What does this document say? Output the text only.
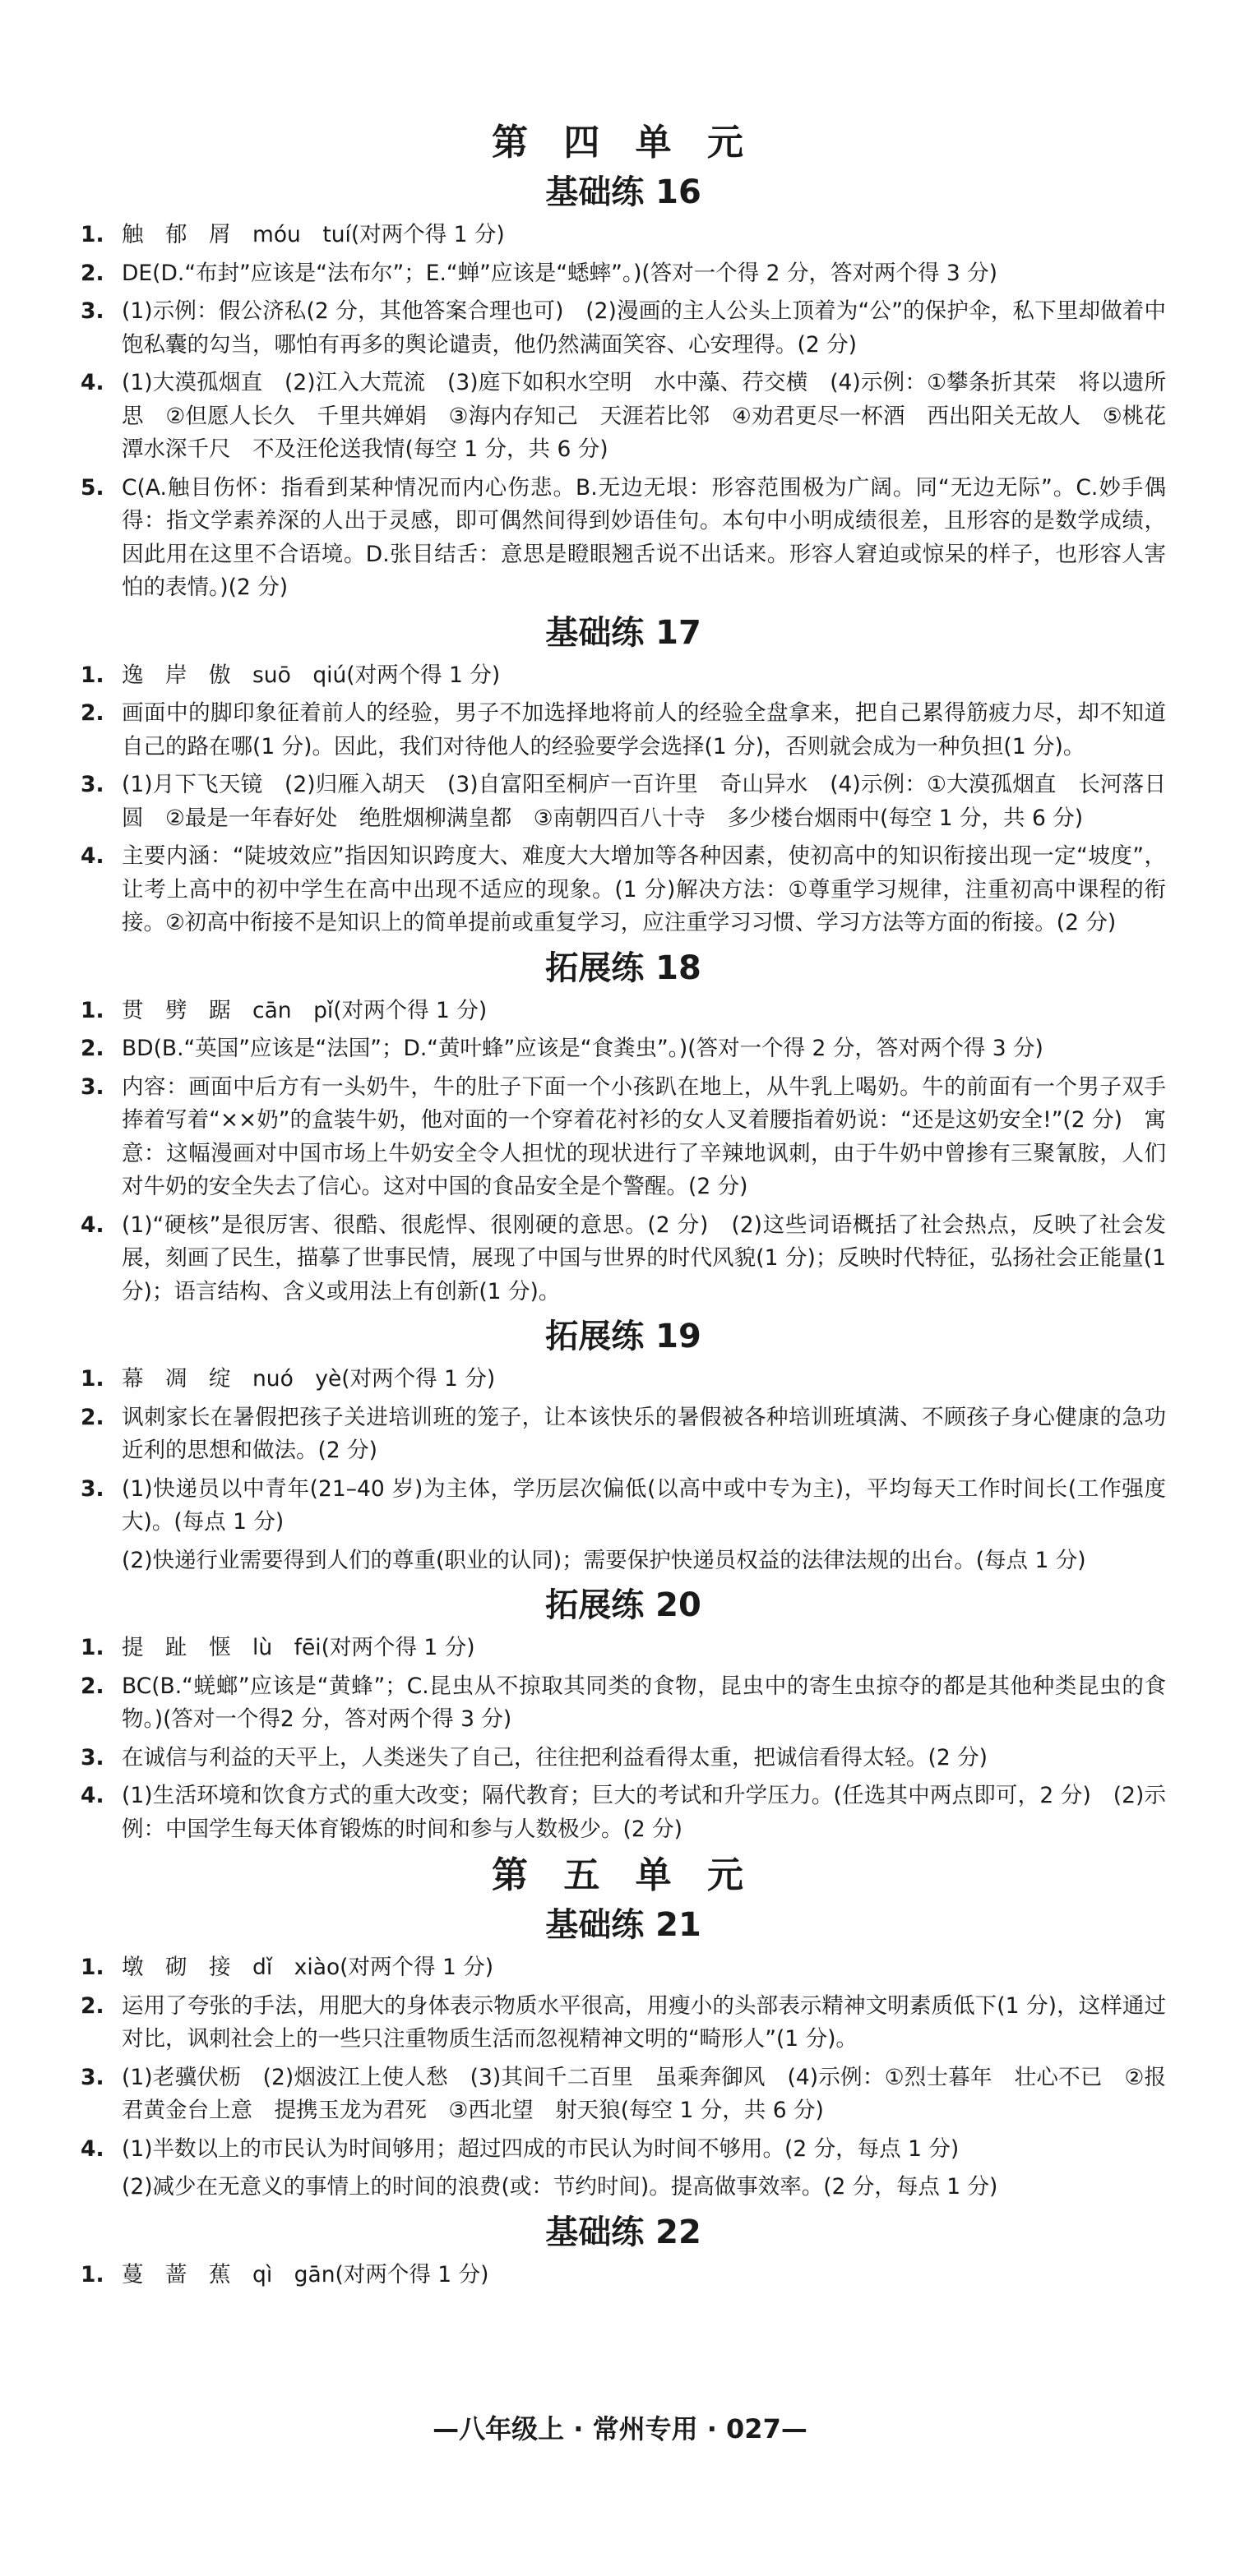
第 四 单 元
基础练 16
1. 触　郁　屑　móu　tuí(对两个得 1 分)
2. DE(D.“布封”应该是“法布尔”；E.“蝉”应该是“蟋蟀”。)(答对一个得 2 分，答对两个得 3 分)
3. (1)示例：假公济私(2 分，其他答案合理也可)　(2)漫画的主人公头上顶着为“公”的保护伞，私下里却做着中饱私囊的勾当，哪怕有再多的舆论谴责，他仍然满面笑容、心安理得。(2 分)
4. (1)大漠孤烟直　(2)江入大荒流　(3)庭下如积水空明　水中藻、荇交横　(4)示例：①攀条折其荣　将以遗所思　②但愿人长久　千里共婵娟　③海内存知己　天涯若比邻　④劝君更尽一杯酒　西出阳关无故人　⑤桃花潭水深千尺　不及汪伦送我情(每空 1 分，共 6 分)
5. C(A.触目伤怀：指看到某种情况而内心伤悲。B.无边无垠：形容范围极为广阔。同“无边无际”。C.妙手偶得：指文学素养深的人出于灵感，即可偶然间得到妙语佳句。本句中小明成绩很差，且形容的是数学成绩，因此用在这里不合语境。D.张目结舌：意思是瞪眼翘舌说不出话来。形容人窘迫或惊呆的样子，也形容人害怕的表情。)(2 分)
基础练 17
1. 逸　岸　傲　suō　qiú(对两个得 1 分)
2. 画面中的脚印象征着前人的经验，男子不加选择地将前人的经验全盘拿来，把自己累得筋疲力尽，却不知道自己的路在哪(1 分)。因此，我们对待他人的经验要学会选择(1 分)，否则就会成为一种负担(1 分)。
3. (1)月下飞天镜　(2)归雁入胡天　(3)自富阳至桐庐一百许里　奇山异水　(4)示例：①大漠孤烟直　长河落日圆　②最是一年春好处　绝胜烟柳满皇都　③南朝四百八十寺　多少楼台烟雨中(每空 1 分，共 6 分)
4. 主要内涵：“陡坡效应”指因知识跨度大、难度大大增加等各种因素，使初高中的知识衔接出现一定“坡度”，让考上高中的初中学生在高中出现不适应的现象。(1 分)解决方法：①尊重学习规律，注重初高中课程的衔接。②初高中衔接不是知识上的简单提前或重复学习，应注重学习习惯、学习方法等方面的衔接。(2 分)
拓展练 18
1. 贯　劈　踞　cān　pǐ(对两个得 1 分)
2. BD(B.“英国”应该是“法国”；D.“黄叶蜂”应该是“食粪虫”。)(答对一个得 2 分，答对两个得 3 分)
3. 内容：画面中后方有一头奶牛，牛的肚子下面一个小孩趴在地上，从牛乳上喝奶。牛的前面有一个男子双手捧着写着“××奶”的盒装牛奶，他对面的一个穿着花衬衫的女人叉着腰指着奶说：“还是这奶安全!”(2 分)　寓意：这幅漫画对中国市场上牛奶安全令人担忧的现状进行了辛辣地讽刺，由于牛奶中曾掺有三聚氰胺，人们对牛奶的安全失去了信心。这对中国的食品安全是个警醒。(2 分)
4. (1)“硬核”是很厉害、很酷、很彪悍、很刚硬的意思。(2 分)　(2)这些词语概括了社会热点，反映了社会发展，刻画了民生，描摹了世事民情，展现了中国与世界的时代风貌(1 分)；反映时代特征，弘扬社会正能量(1 分)；语言结构、含义或用法上有创新(1 分)。
拓展练 19
1. 幕　凋　绽　nuó　yè(对两个得 1 分)
2. 讽刺家长在暑假把孩子关进培训班的笼子，让本该快乐的暑假被各种培训班填满、不顾孩子身心健康的急功近利的思想和做法。(2 分)
3. (1)快递员以中青年(21–40 岁)为主体，学历层次偏低(以高中或中专为主)，平均每天工作时间长(工作强度大)。(每点 1 分)
(2)快递行业需要得到人们的尊重(职业的认同)；需要保护快递员权益的法律法规的出台。(每点 1 分)
拓展练 20
1. 提　趾　惬　lù　fēi(对两个得 1 分)
2. BC(B.“蜣螂”应该是“黄蜂”；C.昆虫从不掠取其同类的食物，昆虫中的寄生虫掠夺的都是其他种类昆虫的食物。)(答对一个得2 分，答对两个得 3 分)
3. 在诚信与利益的天平上，人类迷失了自己，往往把利益看得太重，把诚信看得太轻。(2 分)
4. (1)生活环境和饮食方式的重大改变；隔代教育；巨大的考试和升学压力。(任选其中两点即可，2 分)　(2)示例：中国学生每天体育锻炼的时间和参与人数极少。(2 分)
第 五 单 元
基础练 21
1. 墩　砌　接　dǐ　xiào(对两个得 1 分)
2. 运用了夸张的手法，用肥大的身体表示物质水平很高，用瘦小的头部表示精神文明素质低下(1 分)，这样通过对比，讽刺社会上的一些只注重物质生活而忽视精神文明的“畸形人”(1 分)。
3. (1)老骥伏枥　(2)烟波江上使人愁　(3)其间千二百里　虽乘奔御风　(4)示例：①烈士暮年　壮心不已　②报君黄金台上意　提携玉龙为君死　③西北望　射天狼(每空 1 分，共 6 分)
4. (1)半数以上的市民认为时间够用；超过四成的市民认为时间不够用。(2 分，每点 1 分)
(2)减少在无意义的事情上的时间的浪费(或：节约时间)。提高做事效率。(2 分，每点 1 分)
基础练 22
1. 蔓　蔷　蕉　qì　gān(对两个得 1 分)
—八年级上 · 常州专用 · 027—
